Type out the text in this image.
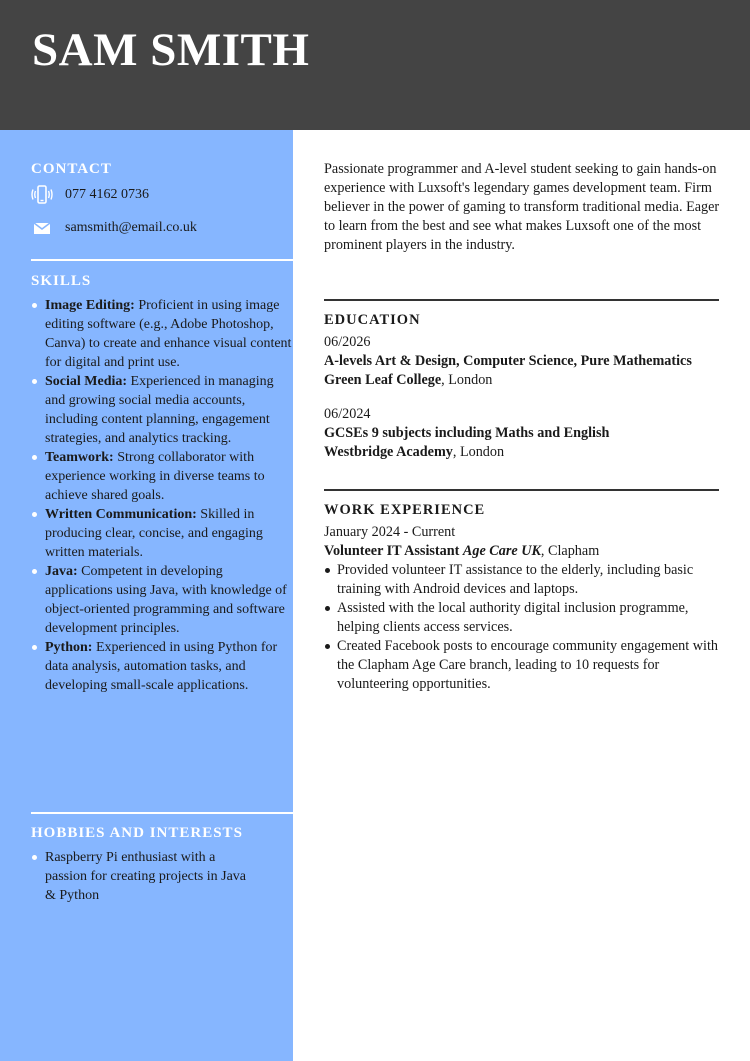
SAM SMITH
CONTACT
077 4162 0736
samsmith@email.co.uk
SKILLS
Image Editing: Proficient in using image editing software (e.g., Adobe Photoshop, Canva) to create and enhance visual content for digital and print use.
Social Media: Experienced in managing and growing social media accounts, including content planning, engagement strategies, and analytics tracking.
Teamwork: Strong collaborator with experience working in diverse teams to achieve shared goals.
Written Communication: Skilled in producing clear, concise, and engaging written materials.
Java: Competent in developing applications using Java, with knowledge of object-oriented programming and software development principles.
Python: Experienced in using Python for data analysis, automation tasks, and developing small-scale applications.
HOBBIES AND INTERESTS
Raspberry Pi enthusiast with a passion for creating projects in Java & Python

Passionate programmer and A-level student seeking to gain hands-on experience with Luxsoft's legendary games development team. Firm believer in the power of gaming to transform traditional media. Eager to learn from the best and see what makes Luxsoft one of the most prominent players in the industry.

EDUCATION
06/2026
A-levels Art & Design, Computer Science, Pure Mathematics
Green Leaf College, London
06/2024
GCSEs 9 subjects including Maths and English
Westbridge Academy, London
WORK EXPERIENCE
January 2024 - Current
Volunteer IT Assistant Age Care UK, Clapham
Provided volunteer IT assistance to the elderly, including basic training with Android devices and laptops.
Assisted with the local authority digital inclusion programme, helping clients access services.
Created Facebook posts to encourage community engagement with the Clapham Age Care branch, leading to 10 requests for volunteering opportunities.
